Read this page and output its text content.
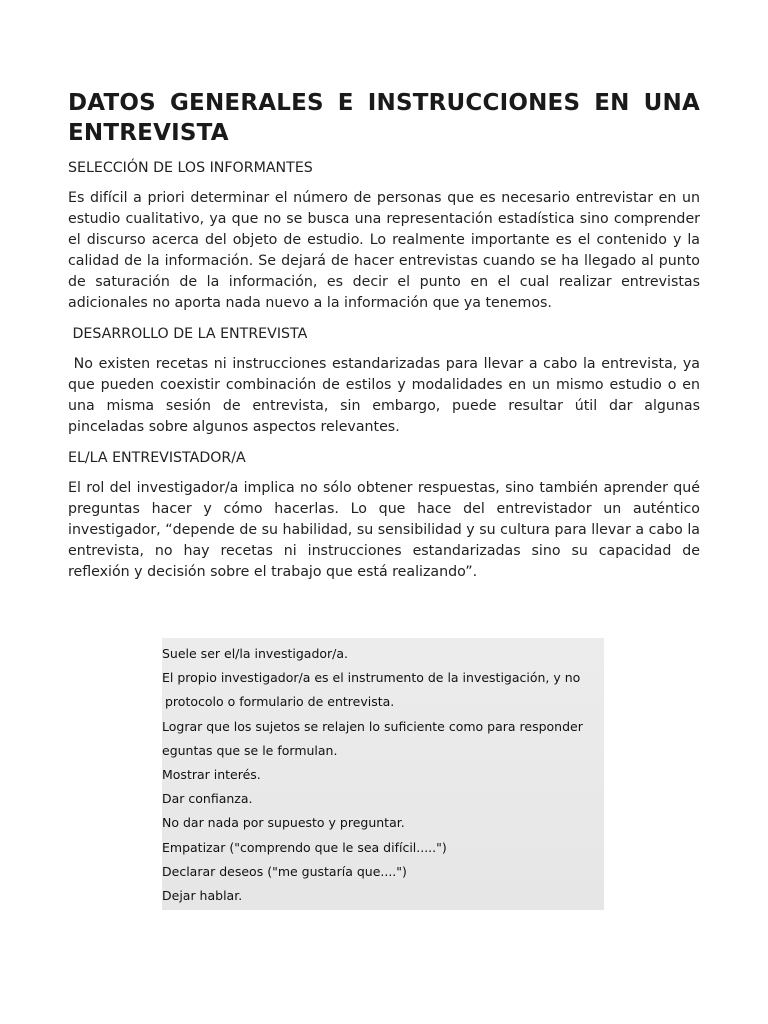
DATOS GENERALES E INSTRUCCIONES EN UNA ENTREVISTA
SELECCIÓN DE LOS INFORMANTES

Es difícil a priori determinar el número de personas que es necesario entrevistar en un estudio cualitativo, ya que no se busca una representación estadística sino comprender el discurso acerca del objeto de estudio. Lo realmente importante es el contenido y la calidad de la información. Se dejará de hacer entrevistas cuando se ha llegado al punto de saturación de la información, es decir el punto en el cual realizar entrevistas adicionales no aporta nada nuevo a la información que ya tenemos.

DESARROLLO DE LA ENTREVISTA

No existen recetas ni instrucciones estandarizadas para llevar a cabo la entrevista, ya que pueden coexistir combinación de estilos y modalidades en un mismo estudio o en una misma sesión de entrevista, sin embargo, puede resultar útil dar algunas pinceladas sobre algunos aspectos relevantes.

EL/LA ENTREVISTADOR/A

El rol del investigador/a implica no sólo obtener respuestas, sino también aprender qué preguntas hacer y cómo hacerlas. Lo que hace del entrevistador un auténtico investigador, “depende de su habilidad, su sensibilidad y su cultura para llevar a cabo la entrevista, no hay recetas ni instrucciones estandarizadas sino su capacidad de reflexión y decisión sobre el trabajo que está realizando”.

Suele ser el/la investigador/a.
El propio investigador/a es el instrumento de la investigación, y no
protocolo o formulario de entrevista.
Lograr que los sujetos se relajen lo suficiente como para responder
eguntas que se le formulan.
Mostrar interés.
Dar confianza.
No dar nada por supuesto y preguntar.
Empatizar ("comprendo que le sea difícil.....")
Declarar deseos ("me gustaría que....")
Dejar hablar.
